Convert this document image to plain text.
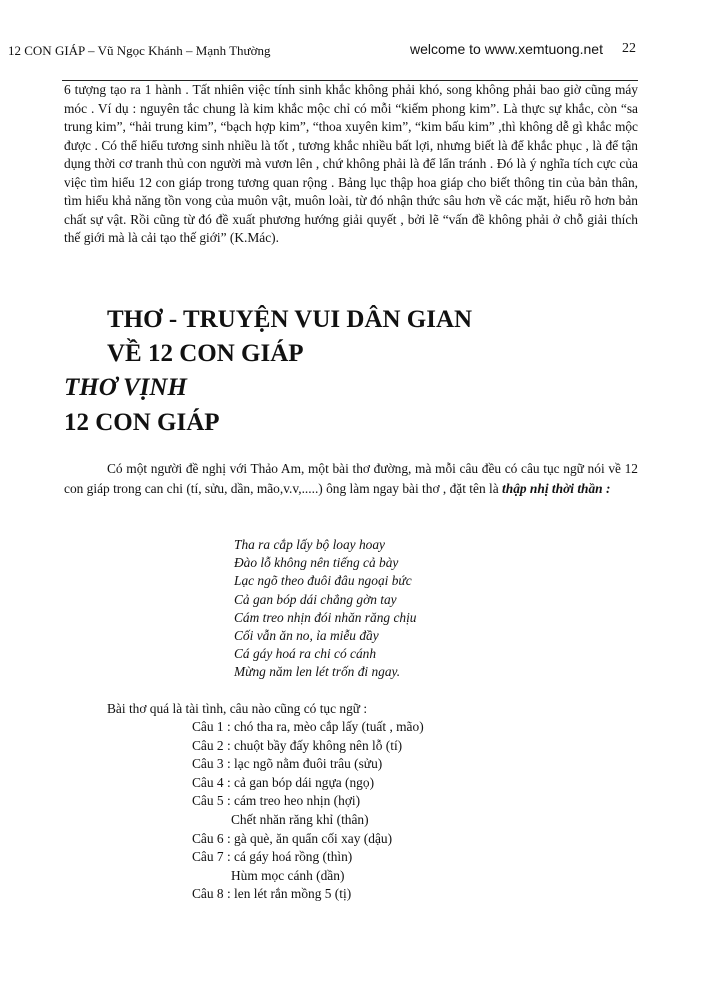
12 CON GIÁP – Vũ Ngọc Khánh – Mạnh Thường	welcome to www.xemtuong.net 22
6 tượng tạo ra 1 hành . Tất nhiên việc tính sinh khắc không phải khó, song không phải bao giờ cũng máy móc . Ví dụ : nguyên tắc chung là kim khắc mộc chỉ có mỗi “kiếm phong kim”. Là thực sự khắc, còn “sa trung kim”, “hải trung kim”, “bạch hợp kim”, “thoa xuyên kim”, “kim bấu kim” ,thì không dễ gì khắc mộc được . Có thể hiểu tương sinh nhiều là tốt , tương khắc nhiều bất lợi, nhưng biết là để khắc phục , là để tận dụng thời cơ tranh thủ con người mà vươn lên , chứ không phải là để lẩn tránh . Đó là ý nghĩa tích cực của việc tìm hiểu 12 con giáp trong tương quan rộng . Bảng lục thập hoa giáp cho biết thông tin của bản thân, tìm hiểu khả năng tồn vong của muôn vật, muôn loài, từ đó nhận thức sâu hơn về các mặt, hiểu rõ hơn bản chất sự vật. Rồi cũng từ đó đề xuất phương hướng giải quyết , bởi lẽ “vấn đề không phải ở chỗ giải thích thế giới mà là cải tạo thế giới” (K.Mác).
THƠ - TRUYỆN VUI DÂN GIAN
VỀ 12 CON GIÁP
THƠ VỊNH
12 CON GIÁP
Có một người đề nghị với Thảo Am, một bài thơ đường, mà mỗi câu đều có câu tục ngữ nói về 12 con giáp trong can chi (tí, sửu, dần, mão,v.v,.....) ông làm ngay bài thơ , đặt tên là thập nhị thời thần :
Tha ra cắp lấy bộ loay hoay
Đào lỗ không nên tiếng cả bày
Lạc ngõ theo đuôi đâu ngoại bức
Cả gan bóp dái chẳng gờn tay
Cám treo nhịn đói nhăn răng chịu
Cối vẫn ăn no, ỉa miễu đầy
Cá gáy hoá ra chi có cánh
Mừng năm len lét trốn đi ngay.
Bài thơ quá là tài tình, câu nào cũng có tục ngữ :
Câu 1 : chó tha ra, mèo cắp lấy (tuất , mão)
Câu 2 : chuột bầy đấy không nên lỗ (tí)
Câu 3 : lạc ngõ nằm đuôi trâu (sửu)
Câu 4 : cả gan bóp dái ngựa (ngọ)
Câu 5 : cám treo heo nhịn (hợi)
Chết nhăn răng khỉ (thân)
Câu 6 : gà què, ăn quẩn cối xay (dậu)
Câu 7 : cá gáy hoá rồng (thìn)
Hùm mọc cánh (dần)
Câu 8 : len lét rắn mồng 5 (tị)
